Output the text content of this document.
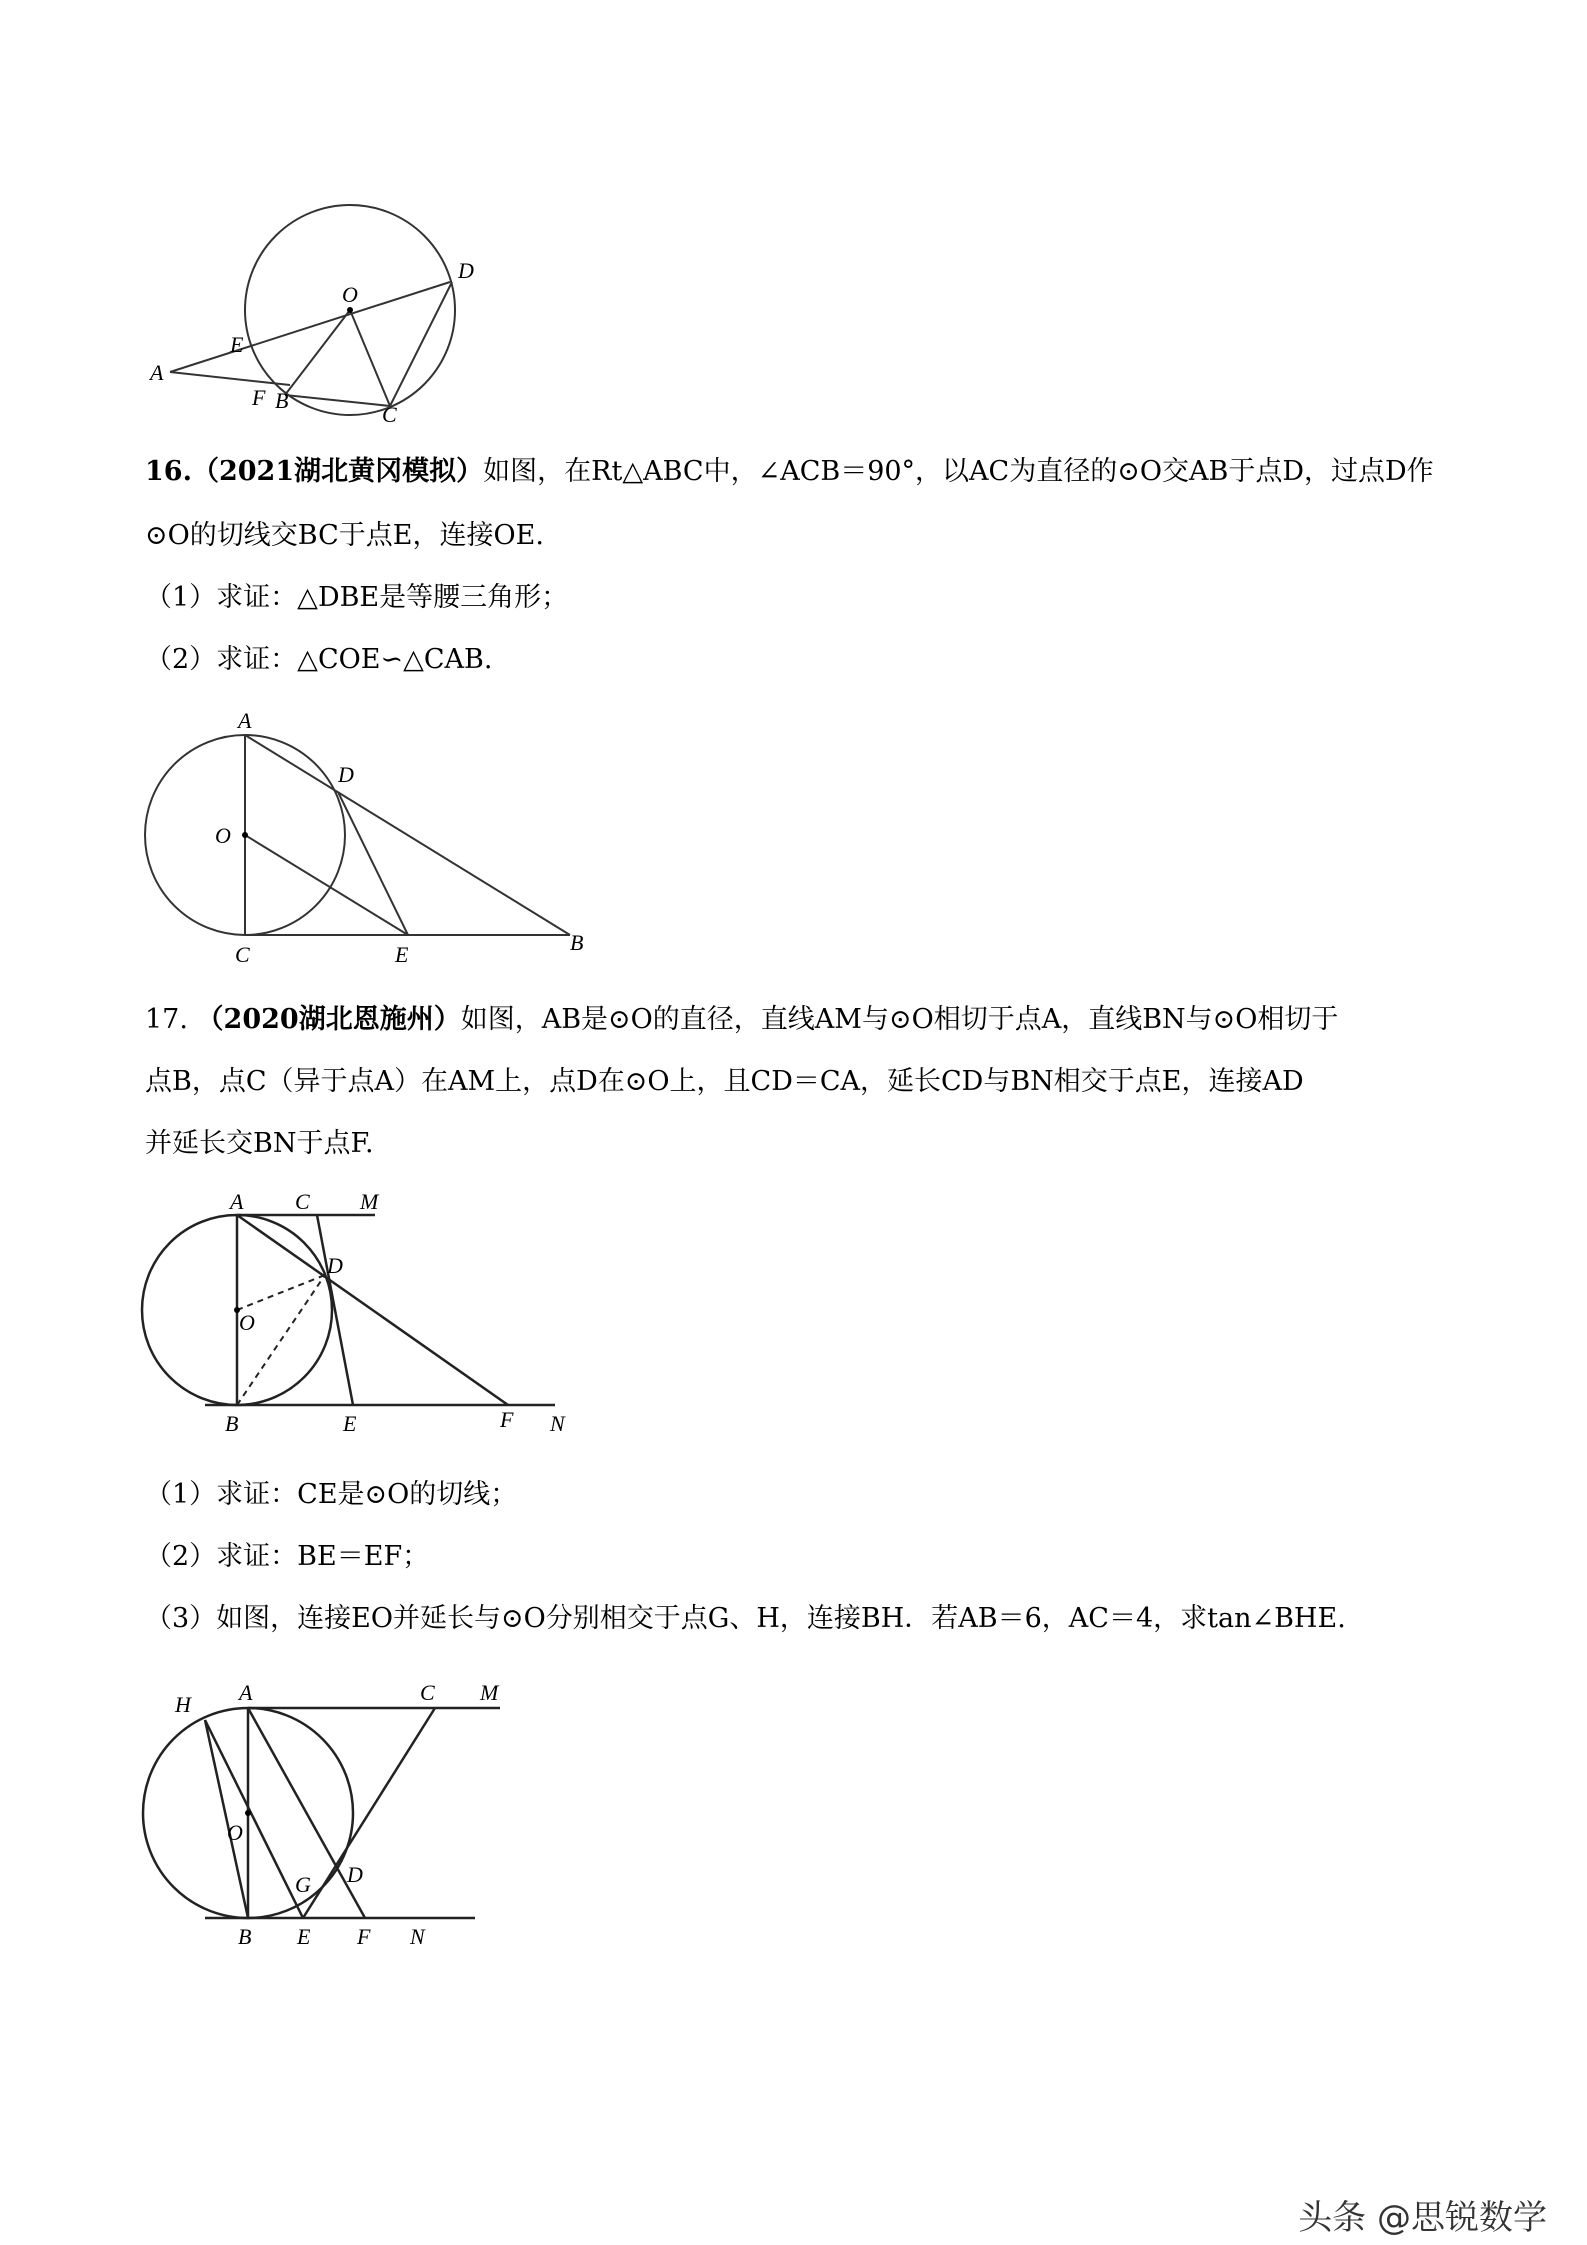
A
E
F B
O
C
D
16.（2021湖北黄冈模拟）如图，在Rt△ABC中，∠ACB＝90°，以AC为直径的⊙O交AB于点D，过点D作
⊙O的切线交BC于点E，连接OE.
（1）求证：△DBE是等腰三角形；
（2）求证：△COE∽△CAB.
A
D
O
C	E	B
17. （2020湖北恩施州）如图，AB是⊙O的直径，直线AM与⊙O相切于点A，直线BN与⊙O相切于
点B，点C（异于点A）在AM上，点D在⊙O上，且CD＝CA，延长CD与BN相交于点E，连接AD
并延长交BN于点F.
A C M
D
O
B	E	F N
（1）求证：CE是⊙O的切线；
（2）求证：BE＝EF；
（3）如图，连接EO并延长与⊙O分别相交于点G、H，连接BH．若AB＝6，AC＝4，求tan∠BHE.
H A	C M
O
G D
B E F N
头条 @思锐数学
